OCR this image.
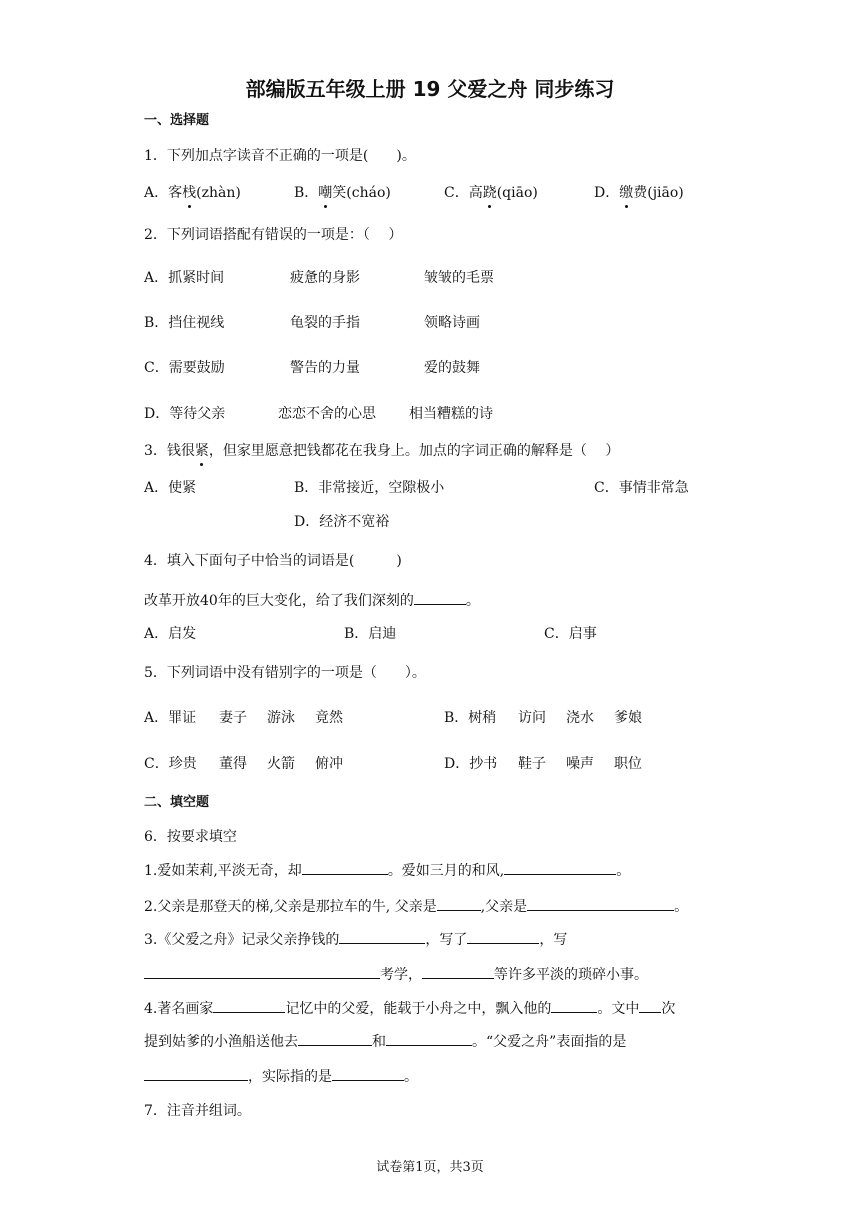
部编版五年级上册 19 父爱之舟 同步练习
一、选择题
1．下列加点字读音不正确的一项是(　　)。
A．客栈(zhàn)	B．嘲笑(cháo)	C．高跷(qiāo)	D．缴费(jiāo)
2．下列词语搭配有错误的一项是：（　 ）
A．抓紧时间	疲惫的身影	皱皱的毛票
B．挡住视线	龟裂的手指	领略诗画
C．需要鼓励	警告的力量	爱的鼓舞
D．等待父亲	恋恋不舍的心思 相当糟糕的诗
3．钱很紧，但家里愿意把钱都花在我身上。加点的字词正确的解释是（　 ）
A．使紧	B．非常接近，空隙极小	C．事情非常急
D．经济不宽裕
4．填入下面句子中恰当的词语是(　　　)
改革开放40年的巨大变化，给了我们深刻的	。
A．启发	B．启迪	C．启事
5．下列词语中没有错别字的一项是（　　）。
A．罪证 妻子 游泳 竟然	B．树稍 访问 浇水 爹娘
C．珍贵 董得 火箭 俯冲	D．抄书 鞋子 噪声 职位
二、填空题
6．按要求填空
1.爱如茉莉,平淡无奇，却	。爱如三月的和风,	。
2.父亲是那登天的梯,父亲是那拉车的牛, 父亲是	,父亲是	。
3.《父爱之舟》记录父亲挣钱的	，写了	，写
考学，	等许多平淡的琐碎小事。
4.著名画家	记忆中的父爱，能载于小舟之中，飘入他的	。文中 次
提到姑爹的小渔船送他去	和	。“父爱之舟”表面指的是
，实际指的是	。
7．注音并组词。
试卷第1页，共3页
